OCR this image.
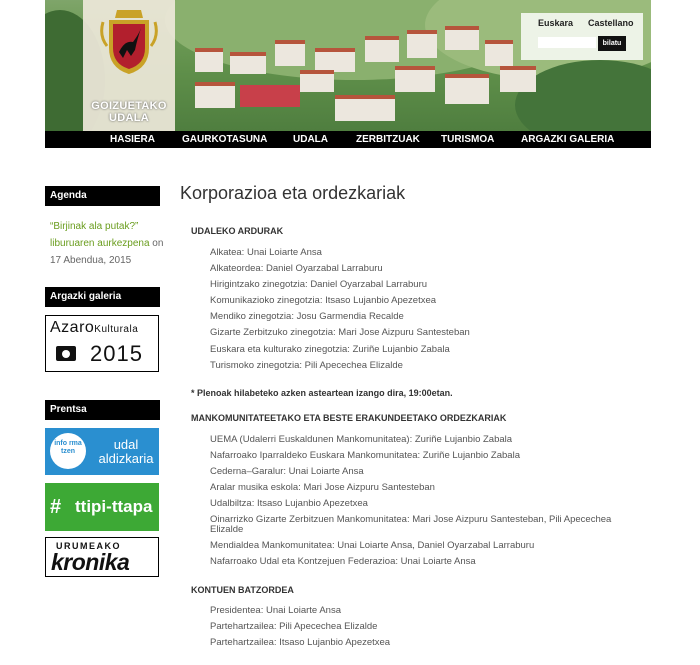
GOIZUETAKO UDALA
Euskara Castellano
bilatu
HASIERA	GAURKOTASUNA	UDALA	ZERBITZUAK TURISMOA	ARGAZKI GALERIA
Agenda
“Birjinak ala putak?” liburuaren aurkezpena on 17 Abendua, 2015
Argazki galeria
AzaroKulturala
2015
Prentsa
info rma tzen	udal aldizkaria
# ttipi-ttapa
URUMEAKO
kronika
Korporazioa eta ordezkariak
UDALEKO ARDURAK
Alkatea: Unai Loiarte Ansa
Alkateordea: Daniel Oyarzabal Larraburu
Hirigintzako zinegotzia: Daniel Oyarzabal Larraburu
Komunikazioko zinegotzia: Itsaso Lujanbio Apezetxea
Mendiko zinegotzia: Josu Garmendia Recalde
Gizarte Zerbitzuko zinegotzia: Mari Jose Aizpuru Santesteban
Euskara eta kulturako zinegotzia: Zuriñe Lujanbio Zabala
Turismoko zinegotzia: Pili Apecechea Elizalde
* Plenoak hilabeteko azken asteartean izango dira, 19:00etan.
MANKOMUNITATEETAKO ETA BESTE ERAKUNDEETAKO ORDEZKARIAK
UEMA (Udalerri Euskaldunen Mankomunitatea): Zuriñe Lujanbio Zabala
Nafarroako Iparraldeko Euskara Mankomunitatea: Zuriñe Lujanbio Zabala
Cederna–Garalur: Unai Loiarte Ansa
Aralar musika eskola: Mari Jose Aizpuru Santesteban
Udalbiltza: Itsaso Lujanbio Apezetxea
Oinarrizko Gizarte Zerbitzuen Mankomunitatea: Mari Jose Aizpuru Santesteban, Pili Apecechea Elizalde
Mendialdea Mankomunitatea: Unai Loiarte Ansa, Daniel Oyarzabal Larraburu
Nafarroako Udal eta Kontzejuen Federazioa: Unai Loiarte Ansa
KONTUEN BATZORDEA
Presidentea: Unai Loiarte Ansa
Partehartzailea: Pili Apecechea Elizalde
Partehartzailea: Itsaso Lujanbio Apezetxea
